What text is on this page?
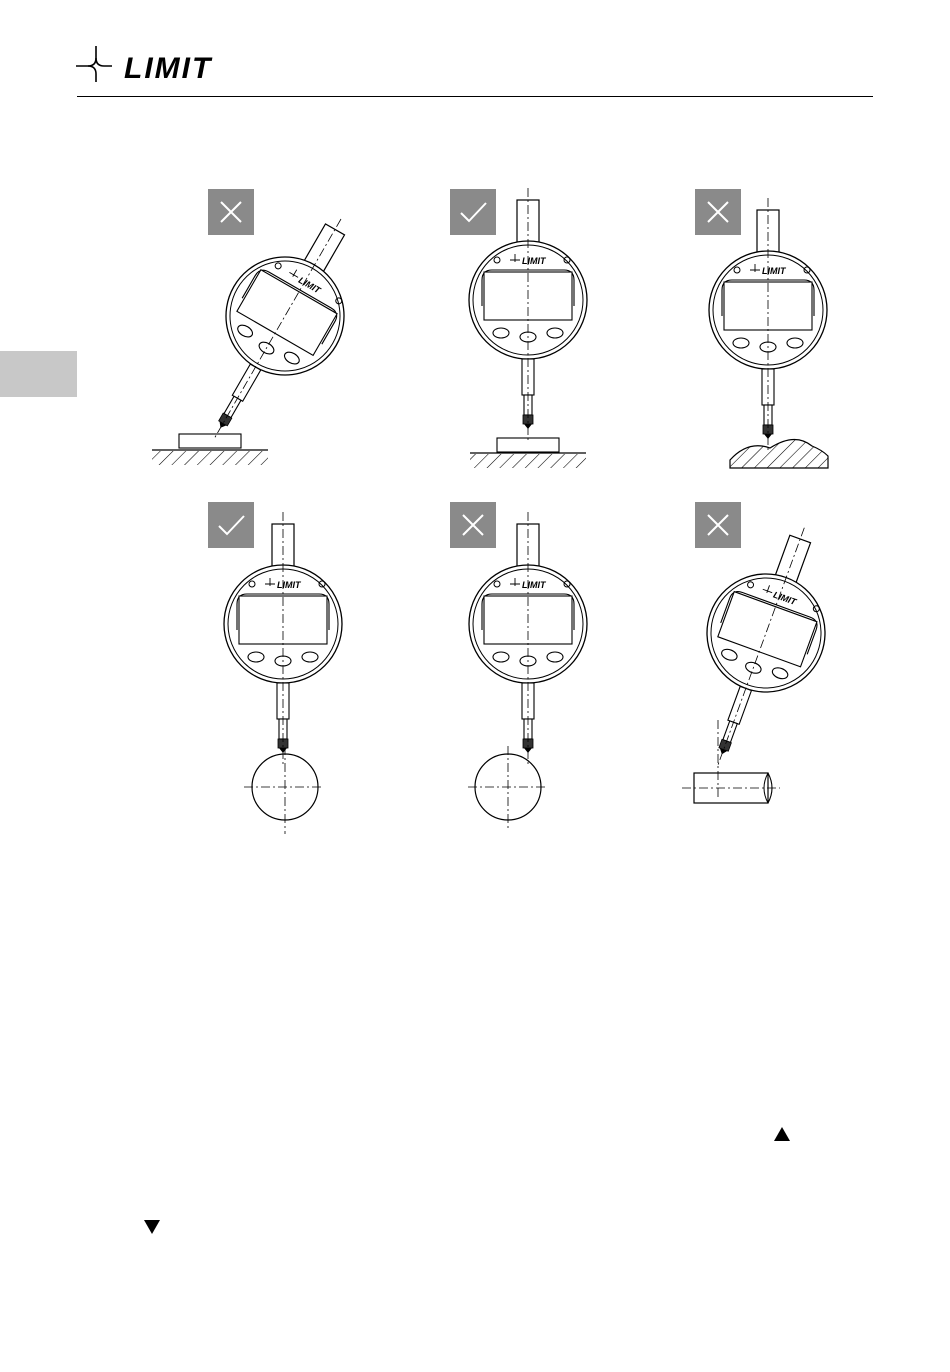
LIMIT
LIMIT
LIMIT
LIMIT
LIMIT	LIMIT
LIMIT
